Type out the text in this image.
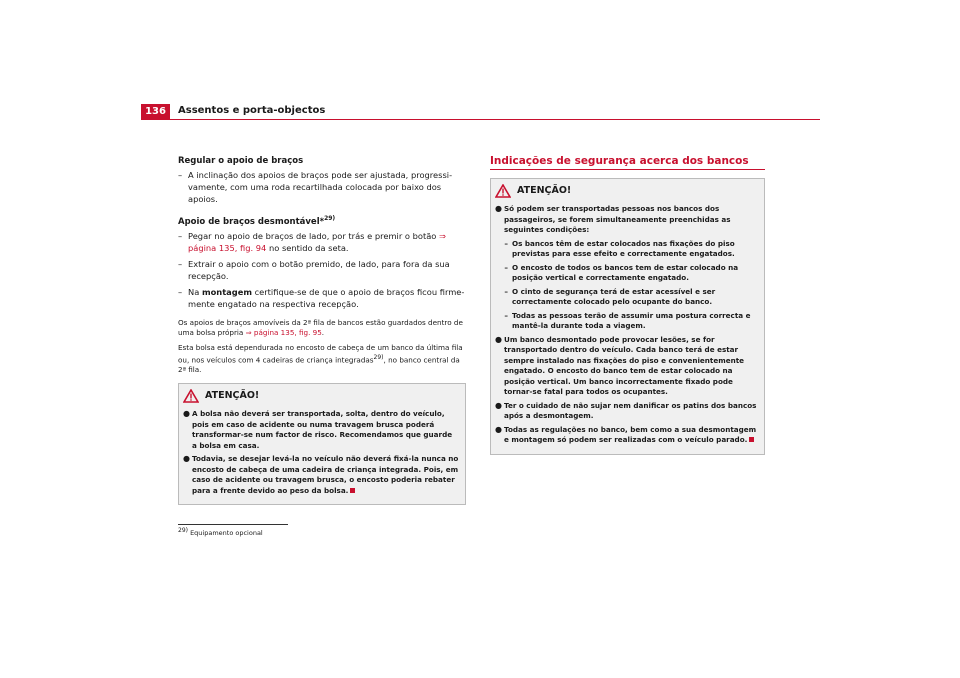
136	Assentos e porta-objectos
Regular o apoio de braços
– A inclinação dos apoios de braços pode ser ajustada, progressi-vamente, com uma roda recartilhada colocada por baixo dos apoios.
Apoio de braços desmontável*$^{29)}$
– Pegar no apoio de braços de lado, por trás e premir o botão ⇒ página 135, fig. 94 no sentido da seta.
– Extrair o apoio com o botão premido, de lado, para fora da sua recepção.
– Na montagem certifique-se de que o apoio de braços ficou firme-mente engatado na respectiva recepção.

Os apoios de braços amovíveis da 2ª fila de bancos estão guardados dentro de uma bolsa própria ⇒ página 135, fig. 95.

Esta bolsa está dependurada no encosto de cabeça de um banco da última fila ou, nos veículos com 4 cadeiras de criança integradas$^{29)}$, no banco central da 2ª fila.

ATENÇÃO!
● A bolsa não deverá ser transportada, solta, dentro do veículo, pois em caso de acidente ou numa travagem brusca poderá transformar-se num factor de risco. Recomendamos que guarde a bolsa em casa.
● Todavia, se desejar levá-la no veículo não deverá fixá-la nunca no encosto de cabeça de uma cadeira de criança integrada. Pois, em caso de acidente ou travagem brusca, o encosto poderia rebater para a frente devido ao peso da bolsa.
Indicações de segurança acerca dos bancos
ATENÇÃO!
● Só podem ser transportadas pessoas nos bancos dos passageiros, se forem simultaneamente preenchidas as seguintes condições:
– Os bancos têm de estar colocados nas fixações do piso previstas para esse efeito e correctamente engatados.
– O encosto de todos os bancos tem de estar colocado na posição vertical e correctamente engatado.
– O cinto de segurança terá de estar acessível e ser correctamente colocado pelo ocupante do banco.
– Todas as pessoas terão de assumir uma postura correcta e mantê-la durante toda a viagem.
● Um banco desmontado pode provocar lesões, se for transportado dentro do veículo. Cada banco terá de estar sempre instalado nas fixações do piso e convenientemente engatado. O encosto do banco tem de estar colocado na posição vertical. Um banco incorrectamente fixado pode tornar-se fatal para todos os ocupantes.
● Ter o cuidado de não sujar nem danificar os patins dos bancos após a desmontagem.
● Todas as regulações no banco, bem como a sua desmontagem e montagem só podem ser realizadas com o veículo parado.
$^{29)}$ Equipamento opcional
